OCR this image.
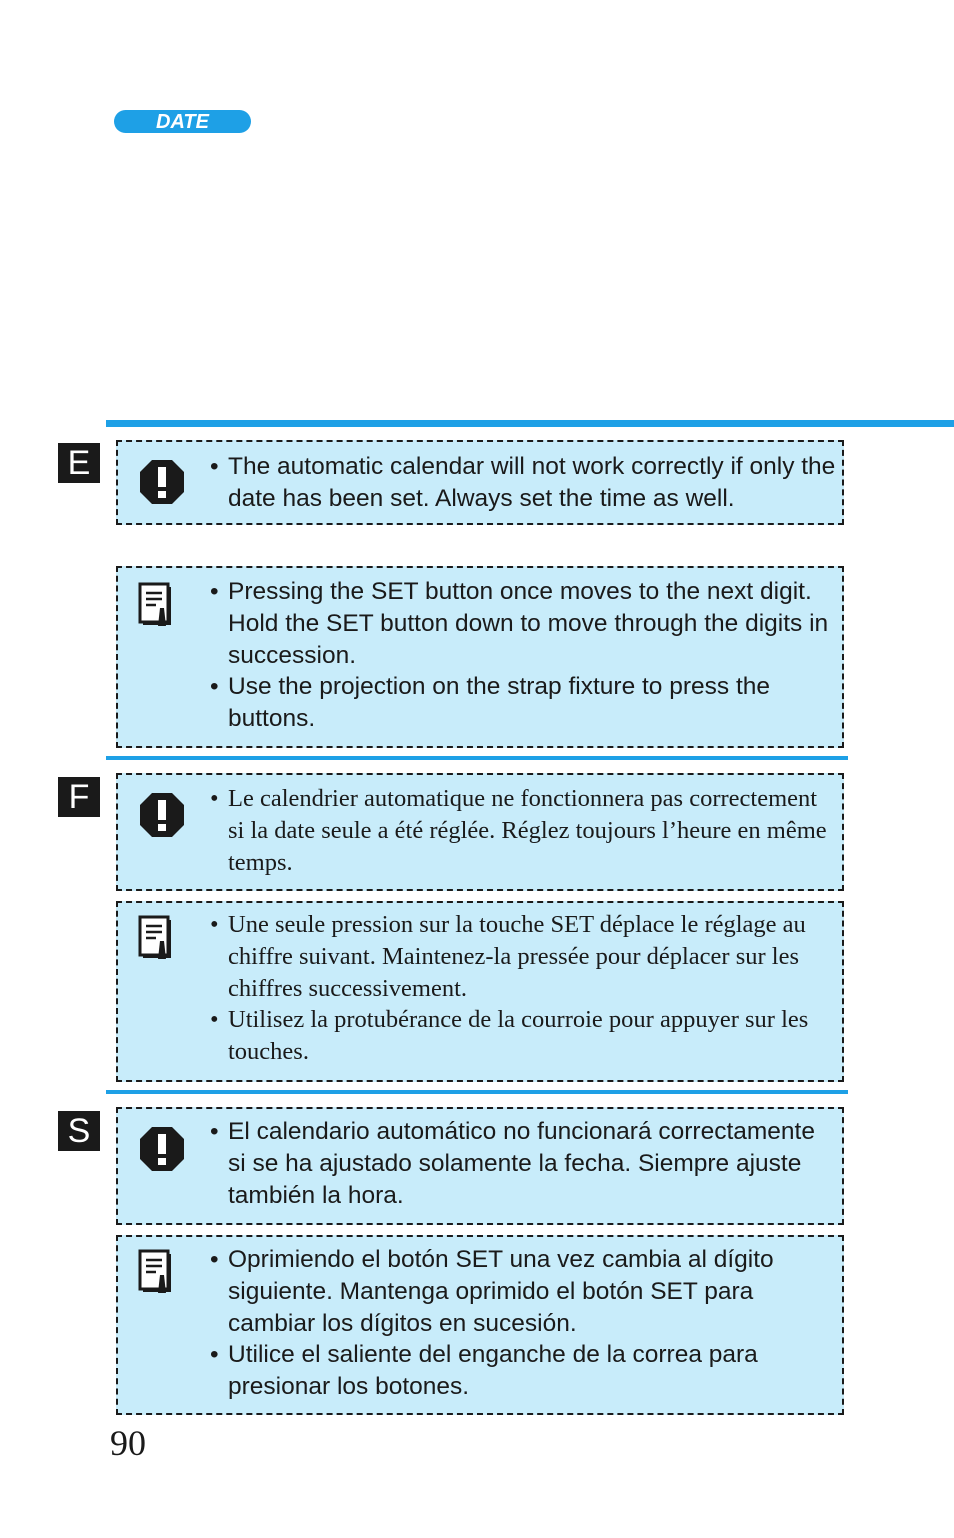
DATE
E	• The automatic calendar will not work correctly if only the date has been set. Always set the time as well.
• Pressing the SET button once moves to the next digit. Hold the SET button down to move through the digits in succession.
• Use the projection on the strap fixture to press the buttons.
F	• Le calendrier automatique ne fonctionnera pas correctement si la date seule a été réglée. Réglez toujours l’heure en même temps.
• Une seule pression sur la touche SET déplace le réglage au chiffre suivant. Maintenez-la pressée pour déplacer sur les chiffres successivement.
• Utilisez la protubérance de la courroie pour appuyer sur les touches.
S	• El calendario automático no funcionará correctamente si se ha ajustado solamente la fecha. Siempre ajuste también la hora.
• Oprimiendo el botón SET una vez cambia al dígito siguiente. Mantenga oprimido el botón SET para cambiar los dígitos en sucesión.
• Utilice el saliente del enganche de la correa para presionar los botones.
90
